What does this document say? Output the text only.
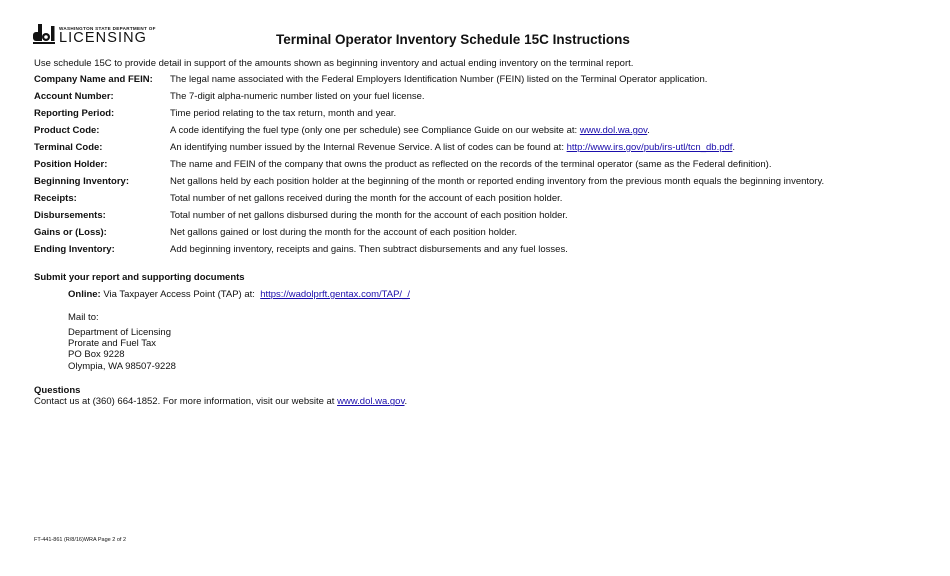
WASHINGTON STATE DEPARTMENT OF
LICENSING	Terminal Operator Inventory Schedule 15C Instructions
Use schedule 15C to provide detail in support of the amounts shown as beginning inventory and actual ending inventory on the terminal report.
Company Name and FEIN: The legal name associated with the Federal Employers Identification Number (FEIN) listed on the Terminal Operator application.
Account Number:	The 7-digit alpha-numeric number listed on your fuel license.
Reporting Period:	Time period relating to the tax return, month and year.
Product Code:	A code identifying the fuel type (only one per schedule) see Compliance Guide on our website at: www.dol.wa.gov.
Terminal Code:	An identifying number issued by the Internal Revenue Service. A list of codes can be found at: http://www.irs.gov/pub/irs-utl/tcn_db.pdf.
Position Holder:	The name and FEIN of the company that owns the product as reflected on the records of the terminal operator (same as the Federal definition).
Beginning Inventory:	Net gallons held by each position holder at the beginning of the month or reported ending inventory from the previous month equals the beginning inventory.
Receipts:	Total number of net gallons received during the month for the account of each position holder.
Disbursements:	Total number of net gallons disbursed during the month for the account of each position holder.
Gains or (Loss):	Net gallons gained or lost during the month for the account of each position holder.
Ending Inventory:	Add beginning inventory, receipts and gains. Then subtract disbursements and any fuel losses.
Submit your report and supporting documents
Online: Via Taxpayer Access Point (TAP) at:  https://wadolprft.gentax.com/TAP/_/
Mail to:
Department of Licensing
Prorate and Fuel Tax
PO Box 9228
Olympia, WA 98507-9228
Questions
Contact us at (360) 664-1852. For more information, visit our website at www.dol.wa.gov.
FT-441-861 (R/8/16)WRA Page 2 of 2
